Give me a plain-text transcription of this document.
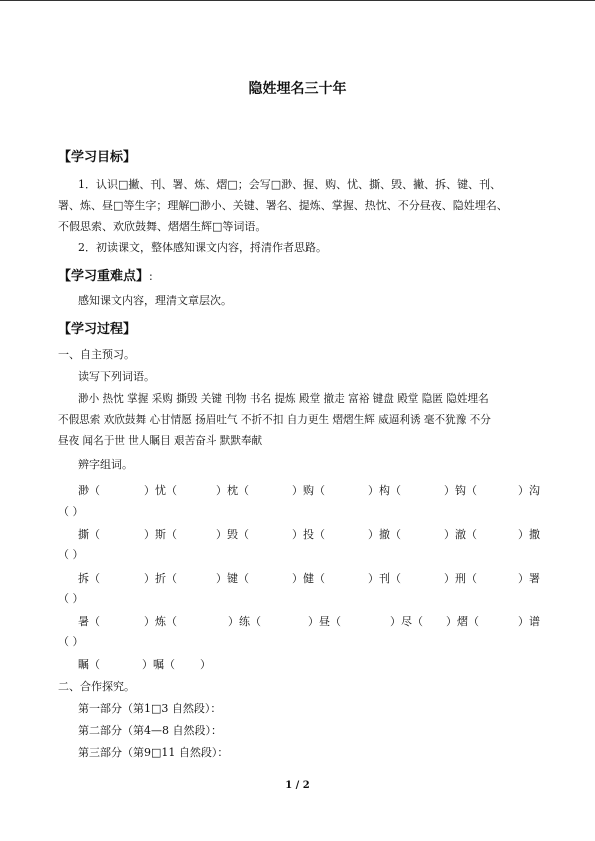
隐姓埋名三十年
【学习目标】
1．认识□撇、刊、署、炼、熠□；会写□渺、握、购、忧、撕、毁、撇、拆、键、刊、
署、炼、昼□等生字；理解□渺小、关键、署名、提炼、掌握、热忱、不分昼夜、隐姓埋名、
不假思索、欢欣鼓舞、熠熠生辉□等词语。
2．初读课文，整体感知课文内容，捋清作者思路。
【学习重难点】:
感知课文内容，理清文章层次。
【学习过程】
一、自主预习。
读写下列词语。
渺小 热忱 掌握 采购 撕毁 关键 刊物 书名 提炼 殿堂 撤走 富裕 键盘 殿堂 隐匿 隐姓埋名
不假思索 欢欣鼓舞 心甘情愿 扬眉吐气 不折不扣 自力更生 熠熠生辉 威逼利诱 毫不犹豫 不分
昼夜 闻名于世 世人瞩目 艰苦奋斗 默默奉献
辨字组词。
渺（	）忧（	）枕（	）购（	）构（	）钩（	）沟
（ ）
撕（	）斯（	）毁（	）投（	）撤（	）澈（	）撒
（ ）
拆（	）折（	）键（	）健（	）刊（	）刑（	）署
（ ）
暑（	）炼（	）练（	）昼（	）尽（ ）熠（	）谱
（ ）
瞩（	）嘱（ ）
二、合作探究。
第一部分（第1□3 自然段）：
第二部分（第4—8 自然段）：
第三部分（第9□11 自然段）：
1 / 2
